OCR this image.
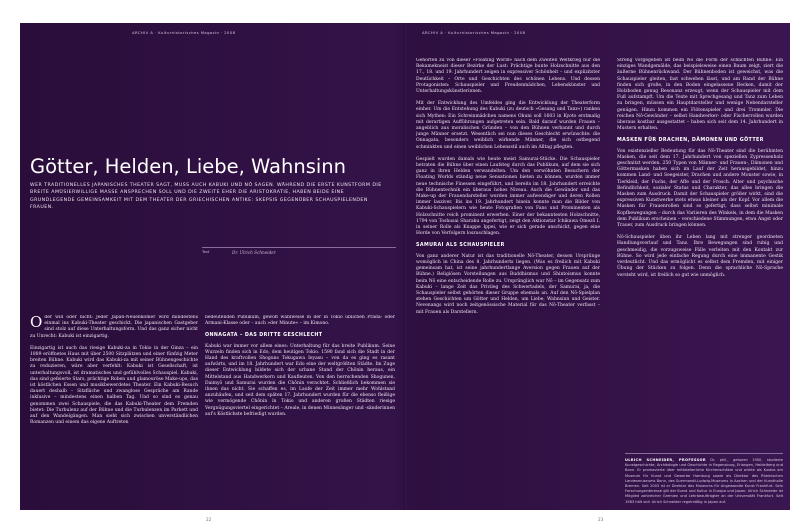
ARCHIV A · Kulturhistorisches Magazin · 2008	ARCHIV A · Kulturhistorisches Magazin · 2008
Götter, Helden, Liebe, Wahnsinn
WER TRADITIONELLES JAPANISCHES THEATER SAGT, MUSS AUCH KABUKI UND NŌ SAGEN. WÄHREND DIE ERSTE KUNSTFORM DIE BREITE AMÜSIERWILLIGE MASSE ANSPRECHEN SOLL UND DIE ZWEITE EHER DIE ARISTOKRATIE, HABEN BEIDE EINE GRUNDLEGENDE GEMEINSAMKEIT MIT DEM THEATER DER GRIECHISCHEN ANTIKE: SKEPSIS GEGENÜBER SCHAUSPIELENDEN FRAUEN.
Text	Dr. Ulrich Schneider

Oder will oder nicht: Jeder Japan-Neuenkomer wird mindestens einmal ins Kabuki-Theater geschickt. Die japanischen Gastgeber sind stolz auf diese Unterhaltungsform. Und das ganz sicher nicht zu Unrecht: Kabuki ist einzigartig.

Einzigartig ist auch das riesige Kabuki-za in Tokio in der Ginza – ein 1889 eröffnetes Haus mit über 2500 Sitzplätzen und einer fünfzig Meter breiten Bühne. Kabuki wird das Kabuki-za mit seiner Bühnengeschichte zu reduzieren, wäre aber verfehlt: Kabuki ist Gesellschaft, ist unterhaltungsvoll, ist dramatisches und gefühlvolles Schauspiel. Kabuki, das sind gefeierte Stars, prächtige Roben und glamouröse Make-ups, das ist köstlichen Essen und musikbewerdetes Theater. Ein Kabuki-Besuch dauert deshalb – Sitzfläche und zwanglose Gespräche am Rande inklusive – mindestens einen halben Tag. Und so sind es genau genommen zwei Schauspiele, die das Kabuki-Theater dem Fremden bietet: Die Turbulenz auf der Bühne und die Turbulenzen im Parkett und auf den Wandelgängen. Man sieht sich zwischen unverständlichen Romanzen und einem das eigene Auftreten

bedeutenden Publikum, gewolt wahlweise in der in Tokio üblichen Prada- oder Armani-Klasse oder – auch »der Minute« – im Kimono.

ONNAGATA – DAS DRITTE GESCHLECHT

Kabuki war immer vor allem eines: Unterhaltung für das breite Publikum. Seine Wurzeln finden sich in Edo, dem heutigen Tokio. 1590 fand sich die Stadt in der Hand des kraftvollen Shoguns Tokugawa Ieyasu – von da es ging es rasant aufwärts, und im 18. Jahrhundert war Edo eine der weltgrößten Städte. Im Zuge dieser Entwicklung bildete sich der urbane Stand der Chōnin heraus, ein Mittelstand aus Handwerkern und Kaufleuten. Von den herrschenden Shogunen, Daimyō und Samurai wurden die Chōnin verachtet. Schließlich bekommen sie ihnen das nicht. Sie schaffen es, im Laufe der Zeit immer mehr Wohlstand anzuhäufen, und seit dem späten 17. Jahrhundert wurden für die ebenso fleißige wie vermögende Chōnin in Tokio und anderen großen Städten riesige Vergnügungsviertel eingerichtet – Areale, in denen Minnesänger und -sänderinnen auf's Köstlichste befriedigt wurden.

Gehörten zu von dieser »Floating World« nach dem Zweiten Weltkrieg nur die Rekamekneist dieser Bezirke der Lust: Prächtige bunte Holzschnitte aus den 17., 18. und 19. Jahrhundert zeigen in expressiver Schönheit – und explizitster Deutlichkeit – Orte und Geschichten des schönen Lebens. Und dessen Protagonisten: Schauspieler und Freudenmädchen, Lebenskünster und Unterhaltungskünstlerinnen.

Mit der Entwicklung des Umfeldes ging die Entwicklung der Theaterform einher. Um die Entstehung des Kabuki (zu deutsch »Gesang und Tanz«) ranken sich Mythen: Ein Schreinmädchen namens Okuni soll 1603 in Kyoto erstmalig mit derartigen Aufführungen aufgetreten sein. Bald darauf wurden Frauen – angeblich aus moralischen Gründen – von den Bühnen verbannt und durch junge Männer ersetzt. Wesentlich sei nun dieses Geschlecht erwünschte: die Onnagata, besonders weiblich wirkende Männer, die sich ostbegend schminkten und einen weiblichen Lebensstil auch im Alltag pflegten.

Gespielt wurden damals wie heute meist Samurai-Stücke. Die Schauspieler betraten die Bühne über einen Laufsteg durch das Publikum, auf dem sie sich ganz in ihren Helden verwandelten. Um den verwöhnten Besuchern der Floating Worlds ständig neue Sensationen bieten zu können, wurden immer neue technische Finessen eingeführt, und bereits im 18. Jahrhundert erreichte die Bühnentechnik ein überaus hohes Niveau. Auch die Gewänder und das Make-up der Frauendarsteller wurden immer aufwendiger und deren Rollen immer lasziver. Bis ins 19. Jahrhundert hinein konnte man die Bilder von Kabuki-Schauspielern wie heute Fotografien von Fans und Prominenten als Holzschnitte reich prominent erwerben. Einer der bekanntesten Holzschnitte, 1794 von Toshusai Sharaku angefertigt, zeigt den Aktionstar Ichikawa Omezō I. in seiner Rolle als Knappe Ippei, wie er sich gerade anschickt, gegen eine Horde von Verfolgern loszuschlagen.

SAMURAI ALS SCHAUSPIELER

Von ganz anderer Natur ist das traditionelle Nō-Theater, dessen Ursprünge womöglich in China des 8. Jahrhunderts liegen. (Was es freilich mit Kabuki gemeinsam hat, ist seine jahrhundertlange Aversion gegen Frauen auf der Bühne.) Religiösen Vorstellungen aus Buddhismus und Shintoismus konnte beim Nō eine entscheidende Rolle zu. Ursprünglich war Nō – im Gegensatz zum Kabuki – lange Zeit das Privileg des Schwertadels, der Samurai, ja, die Schauspieler selbst gehörten dieser Gruppe ehemals an. Auf den Nō-Spielplan stehen Geschichten um Götter und Helden, um Liebe, Wahnsinn und Geister. Nevenangs wird noch zeitgenössische Material für das Nō-Theater verfasst – mit Frauen als Darstellern.

Streng vorgegeben ist beim Nō die Form der schlichten Bühne: Ein einziges Wandgemälde, das beispielsweise einen Baum zeigt, ziert die äußerne Bühnenrückwand. Der Bühnenboden ist geweichst, was die Schauspieler gleiten, fast schweben lässt, und am Rand der Bühne finden sich große, in den Boden eingelassene Becken, damit der Holzboden genug Resonanz erzeugt, wenn der Schauspieler mit dem Fuß aufstampft. Um die Texte mit Sprechgesang und Tanz zum Leben zu bringen, müssen ein Hauptdarsteller und wenige Nebendarsteller genügen. Hinzu kommen ein Flötenspieler und drei Trommler. Die reichen Nō-Gewänder – selbst Handwerker- oder Fischerrollen wurden überaus kostbar ausgestattet – haben sich seit dem 14. Jahrhundert in Mustern erhalten.

MASKEN FÜR DRACHEN, DÄMONEN UND GÖTTER

Von existenzieller Bedeutung für das Nō-Theater sind die berühmten Masken, die seit dem 17. Jahrhundert von speziellen Zypressenholz geschnitzt werden. 250 Typen von Männer- und Frauen-, Dämonen und Göttermasken haben sich im Lauf der Zeit herausgebildet, hinzu kommen Land- und Seegeister, Drachen und andere Monster sowie, in Tierkleid, der Fuchs, der Affe und der Frosch. Alter und psychische Befindlichkeit, sozialer Status und Charakter, das alles bringen die Masken zum Ausdruck. Damit der Schauspieler größer wirkt, sind die expressiven Kunstwerke stets etwas kleiner als der Kopf. Vor allem die Masken für Frauenrollen sind so gefertigt, dass selbst minimale Kopfbewegungen – durch das Variieren des Winkels, in dem die Masken dem Publikum erscheinen – verschiedene Stimmungen, etwa Angst oder Trauer, zum Ausdruck bringen können.

Nō-Schauspieler üben ihr Leben lang mit strenger geordneten Handlungsverlauf und Tanz. Ihre Bewegungen sind ruhig und geschmeidig, die vorzugsweise Fälle verleiten mit den Kontakt zur Bühne. So wird jede einfache Regung durch eine immanente Gestik verdeutlicht. Und das ermöglicht es selbst dem Fremden, mit einiger Übung der Stücken zu folgen. Denn die sprachliche Nō-Sprache versteht wird, ist freilich so gut wie unmöglich.

ULRICH SCHNEIDER, PROFESSOR Dr. phil., geboren 1950, studierte Kunstgeschichte, Archäologie und Geschichte in Regensburg, Erlangen, Heidelberg und Bonn. Er promovierte über mittelalterliche Kirchenschätze und wirkte als Kustos am Museum für Kunst und Gewerbe Hamburg sowie als Direktor des Rheinischen Landesmuseums Bonn, des Suermondt-Ludwig-Museums in Aachen und der Kunsthalle Bremen. Seit 2003 ist er Direktor des Museums für Angewandte Kunst Frankfurt. Sein Forschungsinteresse gilt der Kunst und Kultur in Europa und Japan; Ulrich Schneider ist Mitglied zahlreicher Gremien und Lehrbeauftragter an der Universität Frankfurt. Seit 1983 hält sich Ulrich Schneider regelmäßig in Japan auf.
22	23
